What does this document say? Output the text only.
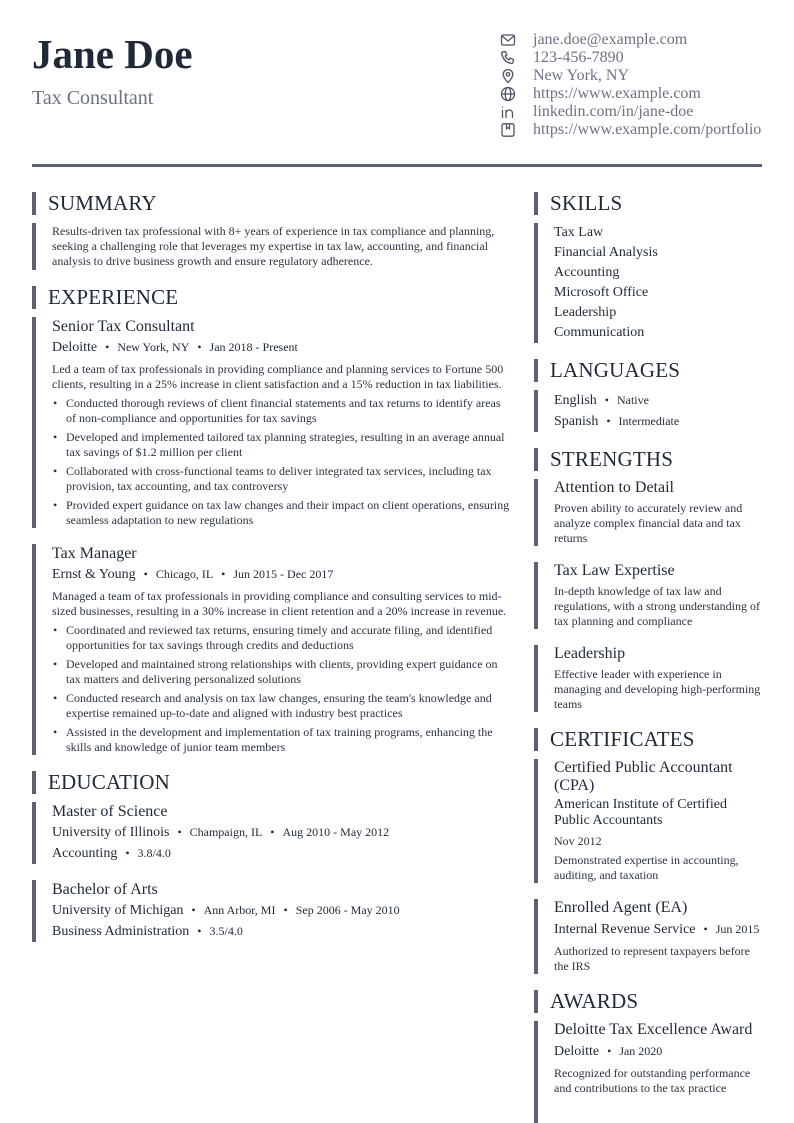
Jane Doe
Tax Consultant
jane.doe@example.com
123-456-7890
New York, NY
https://www.example.com
linkedin.com/in/jane-doe
https://www.example.com/portfolio
SUMMARY
Results-driven tax professional with 8+ years of experience in tax compliance and planning, seeking a challenging role that leverages my expertise in tax law, accounting, and financial analysis to drive business growth and ensure regulatory adherence.
EXPERIENCE
Senior Tax Consultant
Deloitte • New York, NY • Jan 2018 - Present
Led a team of tax professionals in providing compliance and planning services to Fortune 500 clients, resulting in a 25% increase in client satisfaction and a 15% reduction in tax liabilities.
• Conducted thorough reviews of client financial statements and tax returns to identify areas of non-compliance and opportunities for tax savings
• Developed and implemented tailored tax planning strategies, resulting in an average annual tax savings of $1.2 million per client
• Collaborated with cross-functional teams to deliver integrated tax services, including tax provision, tax accounting, and tax controversy
• Provided expert guidance on tax law changes and their impact on client operations, ensuring seamless adaptation to new regulations
Tax Manager
Ernst & Young • Chicago, IL • Jun 2015 - Dec 2017
Managed a team of tax professionals in providing compliance and consulting services to mid-sized businesses, resulting in a 30% increase in client retention and a 20% increase in revenue.
• Coordinated and reviewed tax returns, ensuring timely and accurate filing, and identified opportunities for tax savings through credits and deductions
• Developed and maintained strong relationships with clients, providing expert guidance on tax matters and delivering personalized solutions
• Conducted research and analysis on tax law changes, ensuring the team's knowledge and expertise remained up-to-date and aligned with industry best practices
• Assisted in the development and implementation of tax training programs, enhancing the skills and knowledge of junior team members
EDUCATION
Master of Science
University of Illinois • Champaign, IL • Aug 2010 - May 2012
Accounting • 3.8/4.0
Bachelor of Arts
University of Michigan • Ann Arbor, MI • Sep 2006 - May 2010
Business Administration • 3.5/4.0
SKILLS
Tax Law
Financial Analysis
Accounting
Microsoft Office
Leadership
Communication
LANGUAGES
English • Native
Spanish • Intermediate
STRENGTHS
Attention to Detail
Proven ability to accurately review and analyze complex financial data and tax returns
Tax Law Expertise
In-depth knowledge of tax law and regulations, with a strong understanding of tax planning and compliance
Leadership
Effective leader with experience in managing and developing high-performing teams
CERTIFICATES
Certified Public Accountant (CPA)
American Institute of Certified Public Accountants
Nov 2012
Demonstrated expertise in accounting, auditing, and taxation
Enrolled Agent (EA)
Internal Revenue Service • Jun 2015
Authorized to represent taxpayers before the IRS
AWARDS
Deloitte Tax Excellence Award
Deloitte • Jan 2020
Recognized for outstanding performance and contributions to the tax practice
